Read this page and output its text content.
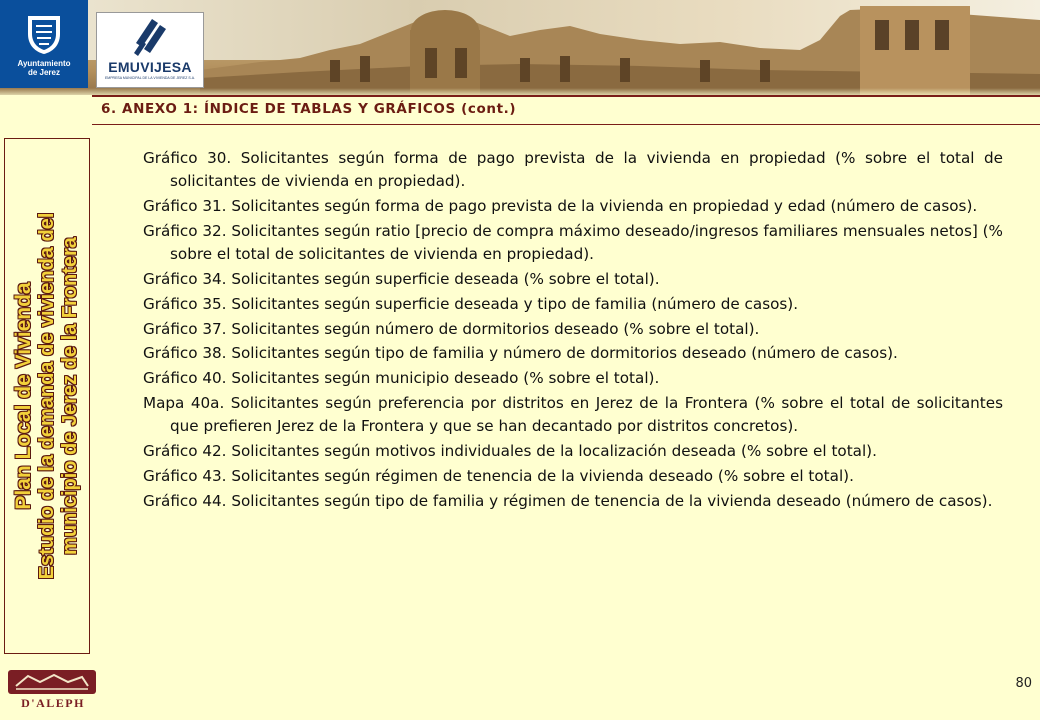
Ayuntamiento
de Jerez	EMUVIJESA
EMPRESA MUNICIPAL DE LA VIVIENDA DE JEREZ S.A.
6. ANEXO 1: ÍNDICE DE TABLAS Y GRÁFICOS (cont.)
Plan Local de Vivienda Estudio de la demanda de vivienda del municipio de Jerez de la Frontera

Gráfico 30. Solicitantes según forma de pago prevista de la vivienda en propiedad (% sobre el total de solicitantes de vivienda en propiedad).

Gráfico 31. Solicitantes según forma de pago prevista de la vivienda en propiedad y edad (número de casos).

Gráfico 32. Solicitantes según ratio [precio de compra máximo deseado/ingresos familiares mensuales netos] (% sobre el total de solicitantes de vivienda en propiedad).

Gráfico 34. Solicitantes según superficie deseada (% sobre el total).

Gráfico 35. Solicitantes según superficie deseada y tipo de familia (número de casos).

Gráfico 37. Solicitantes según número de dormitorios deseado (% sobre el total).

Gráfico 38. Solicitantes según tipo de familia y número de dormitorios deseado (número de casos).

Gráfico 40. Solicitantes según municipio deseado (% sobre el total).

Mapa 40a. Solicitantes según preferencia por distritos en Jerez de la Frontera (% sobre el total de solicitantes que prefieren Jerez de la Frontera y que se han decantado por distritos concretos).

Gráfico 42. Solicitantes según motivos individuales de la localización deseada (% sobre el total).

Gráfico 43. Solicitantes según régimen de tenencia de la vivienda deseado (% sobre el total).

Gráfico 44. Solicitantes según tipo de familia y régimen de tenencia de la vivienda deseado (número de casos).

D'ALEPH
80
